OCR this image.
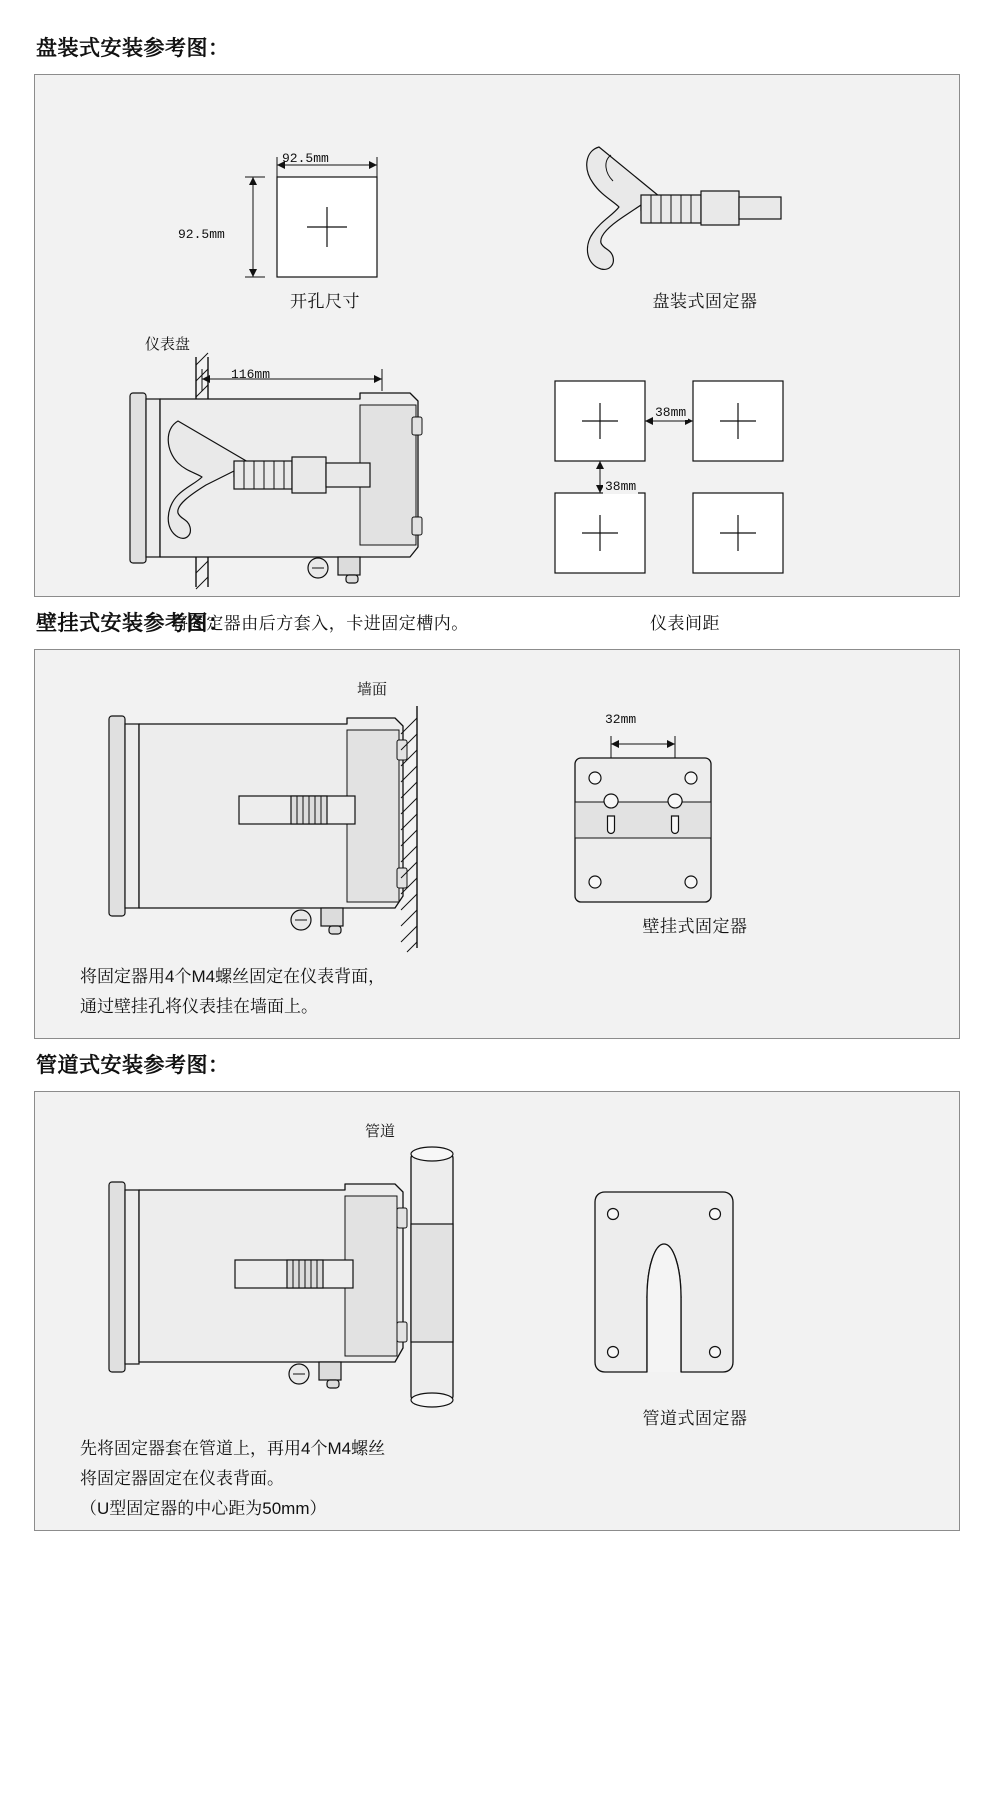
盘装式安装参考图：
92.5mm
92.5mm
开孔尺寸	盘装式固定器
仪表盘
116mm
将固定器由后方套入，卡进固定槽内。
38mm
38mm
仪表间距
壁挂式安装参考图：
墙面
32mm
壁挂式固定器
将固定器用4个M4螺丝固定在仪表背面，
通过壁挂孔将仪表挂在墙面上。
管道式安装参考图：
管道
管道式固定器
先将固定器套在管道上，再用4个M4螺丝
将固定器固定在仪表背面。
（U型固定器的中心距为50mm）
